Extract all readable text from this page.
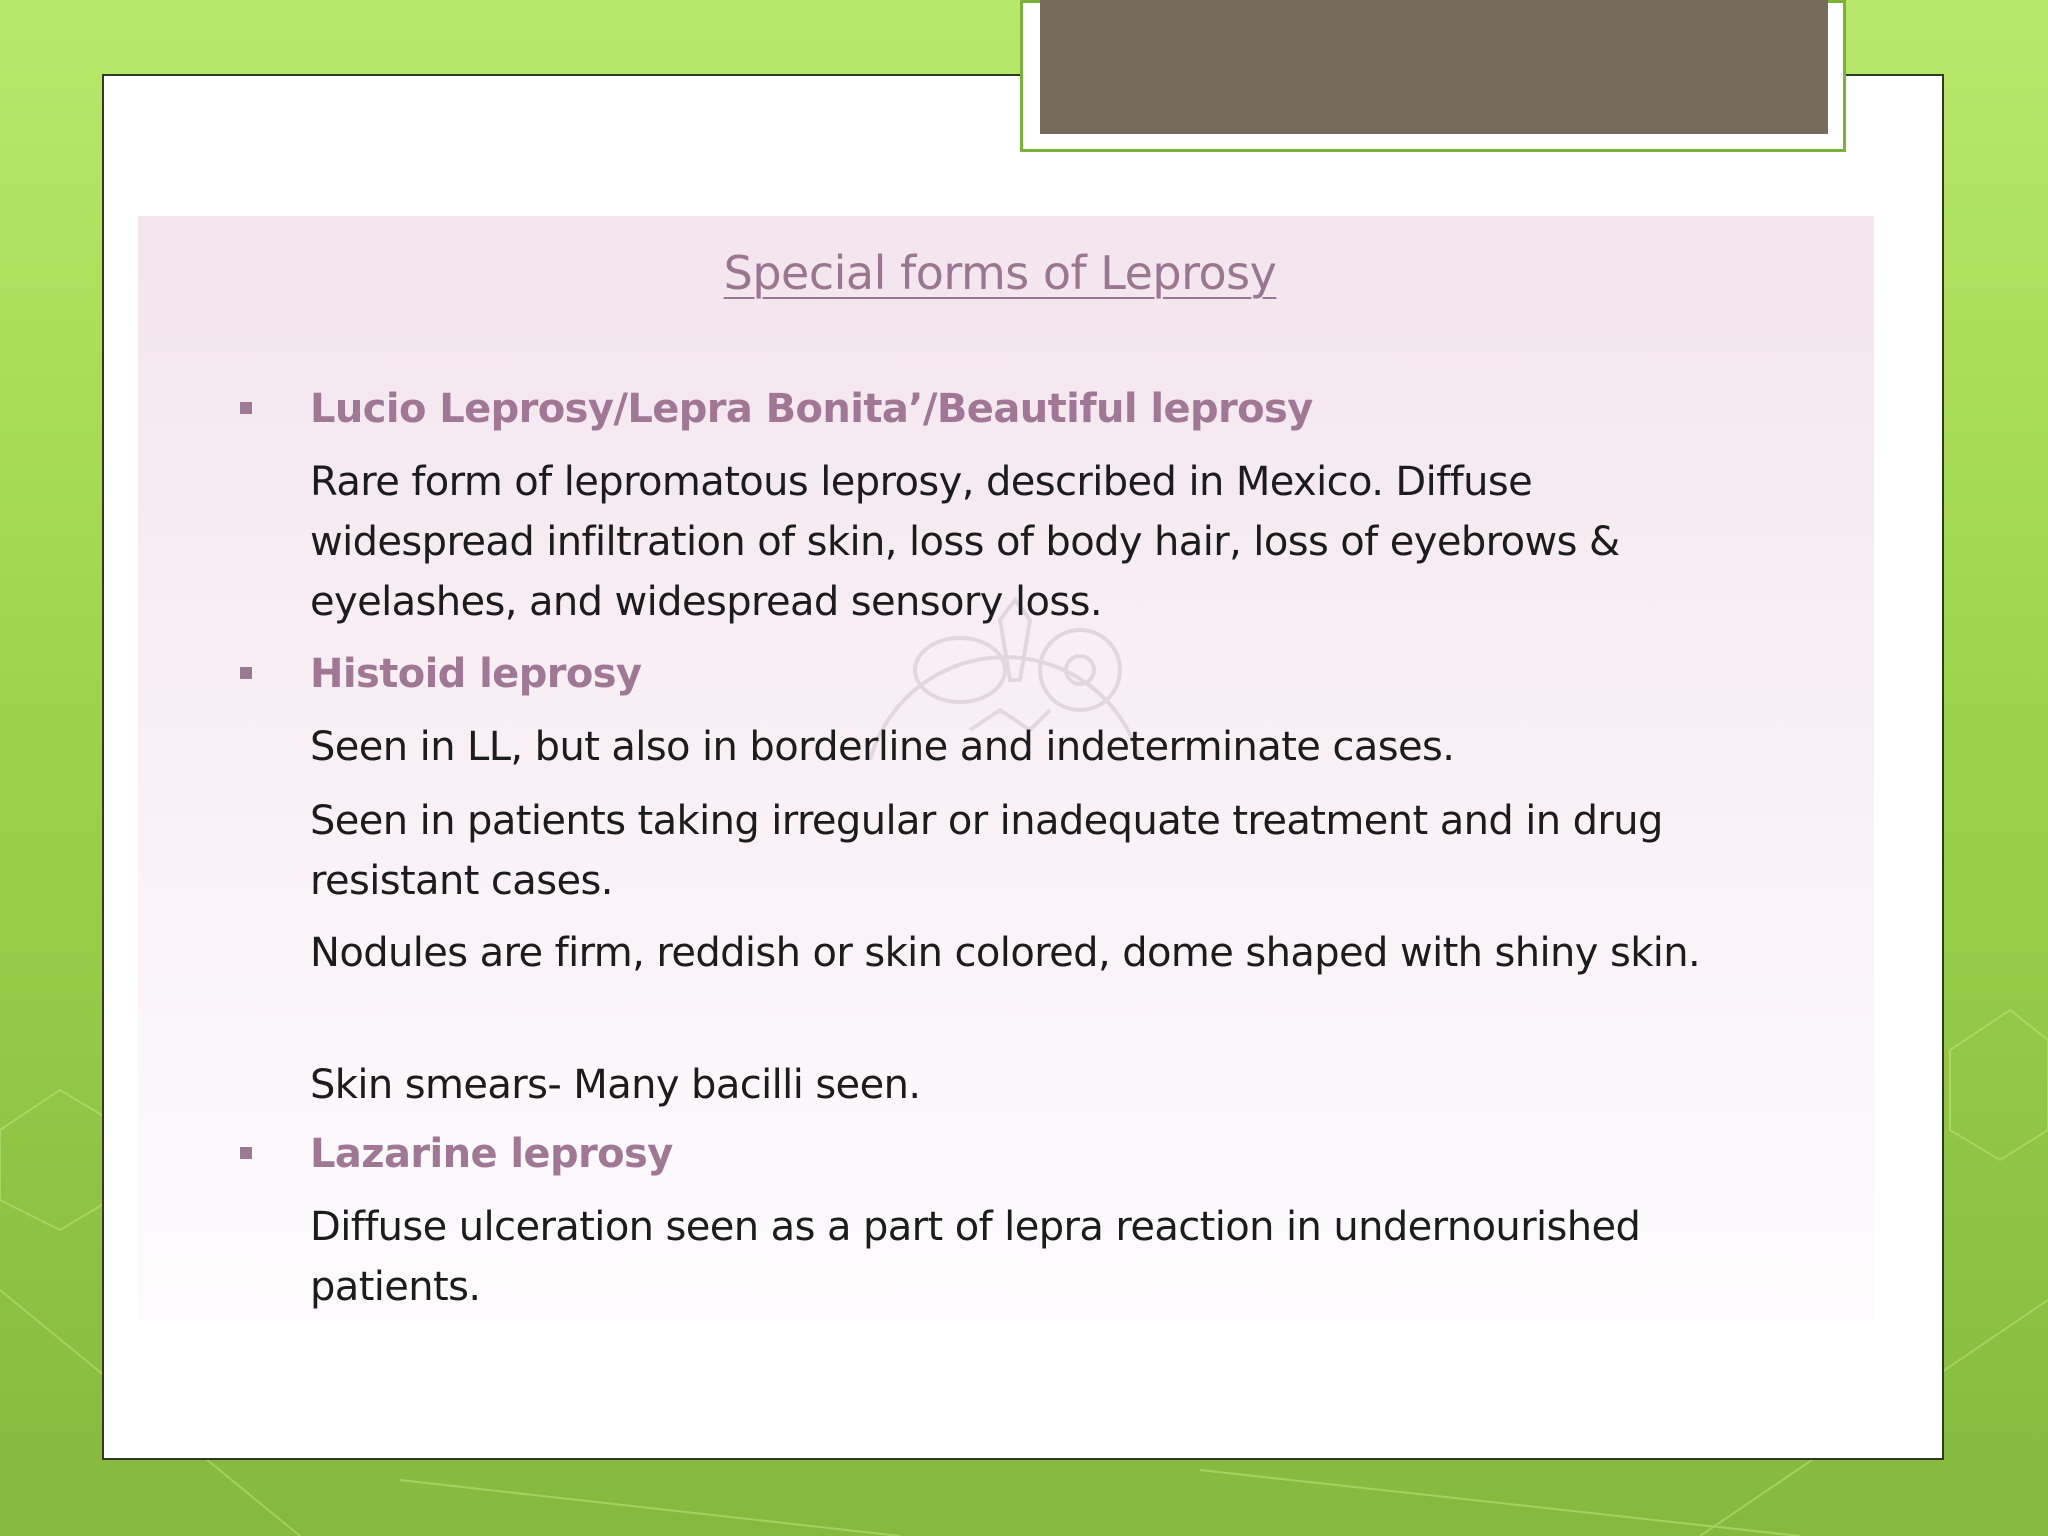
Special forms of Leprosy
Lucio Leprosy/Lepra Bonita’/Beautiful leprosy
Rare form of lepromatous leprosy, described in Mexico. Diffuse widespread infiltration of skin, loss of body hair, loss of eyebrows & eyelashes, and widespread sensory loss.
Histoid leprosy
Seen in LL, but also in borderline and indeterminate cases.
Seen in patients taking irregular or inadequate treatment and in drug resistant cases.
Nodules are firm, reddish or skin colored, dome shaped with shiny skin.
Skin smears- Many bacilli seen.
Lazarine leprosy
Diffuse ulceration seen as a part of lepra reaction in undernourished patients.
